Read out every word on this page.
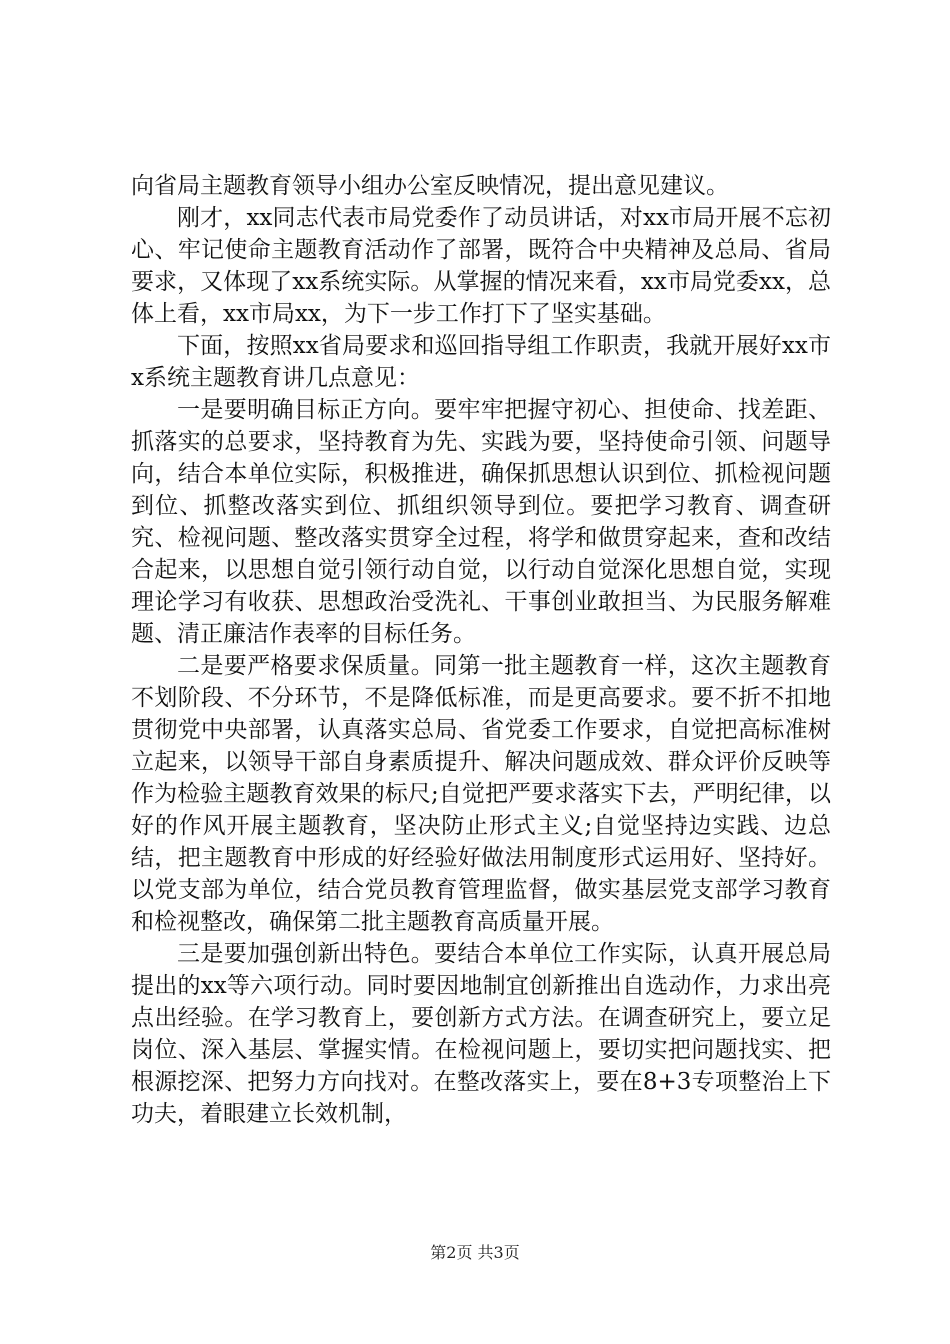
向省局主题教育领导小组办公室反映情况，提出意见建议。

刚才，xx同志代表市局党委作了动员讲话，对xx市局开展不忘初心、牢记使命主题教育活动作了部署，既符合中央精神及总局、省局要求，又体现了xx系统实际。从掌握的情况来看，xx市局党委xx，总体上看，xx市局xx，为下一步工作打下了坚实基础。

下面，按照xx省局要求和巡回指导组工作职责，我就开展好xx市x系统主题教育讲几点意见：

一是要明确目标正方向。要牢牢把握守初心、担使命、找差距、抓落实的总要求，坚持教育为先、实践为要，坚持使命引领、问题导向，结合本单位实际，积极推进，确保抓思想认识到位、抓检视问题到位、抓整改落实到位、抓组织领导到位。要把学习教育、调查研究、检视问题、整改落实贯穿全过程，将学和做贯穿起来，查和改结合起来，以思想自觉引领行动自觉，以行动自觉深化思想自觉，实现理论学习有收获、思想政治受洗礼、干事创业敢担当、为民服务解难题、清正廉洁作表率的目标任务。

二是要严格要求保质量。同第一批主题教育一样，这次主题教育不划阶段、不分环节，不是降低标准，而是更高要求。要不折不扣地贯彻党中央部署，认真落实总局、省党委工作要求，自觉把高标准树立起来，以领导干部自身素质提升、解决问题成效、群众评价反映等作为检验主题教育效果的标尺;自觉把严要求落实下去，严明纪律，以好的作风开展主题教育，坚决防止形式主义;自觉坚持边实践、边总结，把主题教育中形成的好经验好做法用制度形式运用好、坚持好。以党支部为单位，结合党员教育管理监督，做实基层党支部学习教育和检视整改，确保第二批主题教育高质量开展。

三是要加强创新出特色。要结合本单位工作实际，认真开展总局提出的xx等六项行动。同时要因地制宜创新推出自选动作，力求出亮点出经验。在学习教育上，要创新方式方法。在调查研究上，要立足岗位、深入基层、掌握实情。在检视问题上，要切实把问题找实、把根源挖深、把努力方向找对。在整改落实上，要在8+3专项整治上下功夫，着眼建立长效机制，

第2页 共3页
